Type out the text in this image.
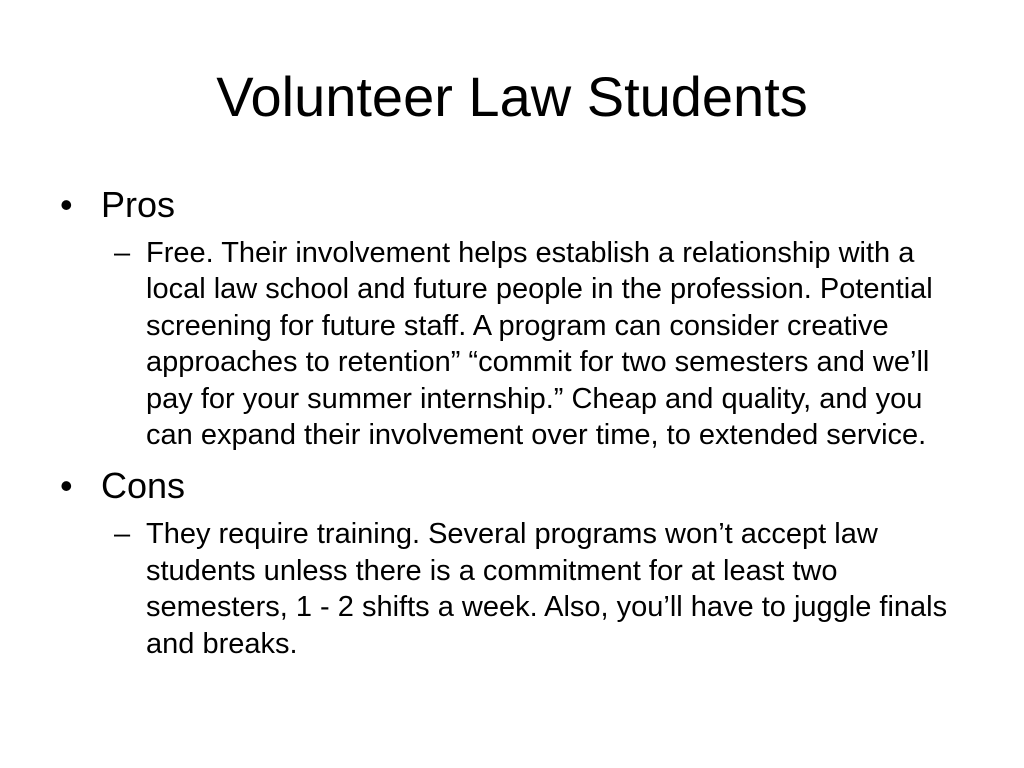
Volunteer Law Students
• Pros
– Free. Their involvement helps establish a relationship with a local law school and future people in the profession. Potential screening for future staff. A program can consider creative approaches to retention” “commit for two semesters and we’ll pay for your summer internship.” Cheap and quality, and you can expand their involvement over time, to extended service.
• Cons
– They require training. Several programs won’t accept law students unless there is a commitment for at least two semesters, 1 - 2 shifts a week. Also, you’ll have to juggle finals and breaks.
